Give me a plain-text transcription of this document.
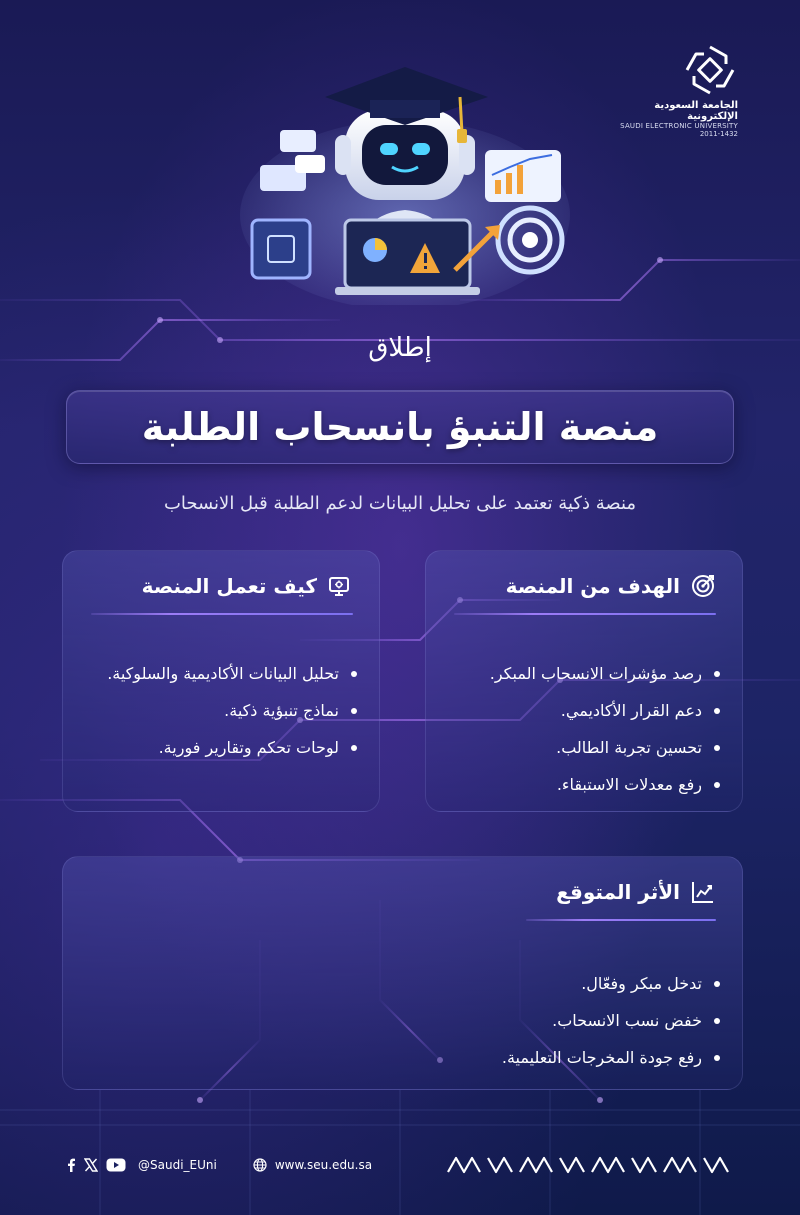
الجامعة السعودية الإلكترونية
SAUDI ELECTRONIC UNIVERSITY
2011-1432
إطلاق
منصة التنبؤ بانسحاب الطلبة
منصة ذكية تعتمد على تحليل البيانات لدعم الطلبة قبل الانسحاب
الهدف من المنصة
رصد مؤشرات الانسحاب المبكر.
دعم القرار الأكاديمي.
تحسين تجربة الطالب.
رفع معدلات الاستبقاء.
كيف تعمل المنصة
تحليل البيانات الأكاديمية والسلوكية.
نماذج تنبؤية ذكية.
لوحات تحكم وتقارير فورية.
الأثر المتوقع
تدخل مبكر وفعّال.
خفض نسب الانسحاب.
رفع جودة المخرجات التعليمية.
@Saudi_EUni	www.seu.edu.sa
